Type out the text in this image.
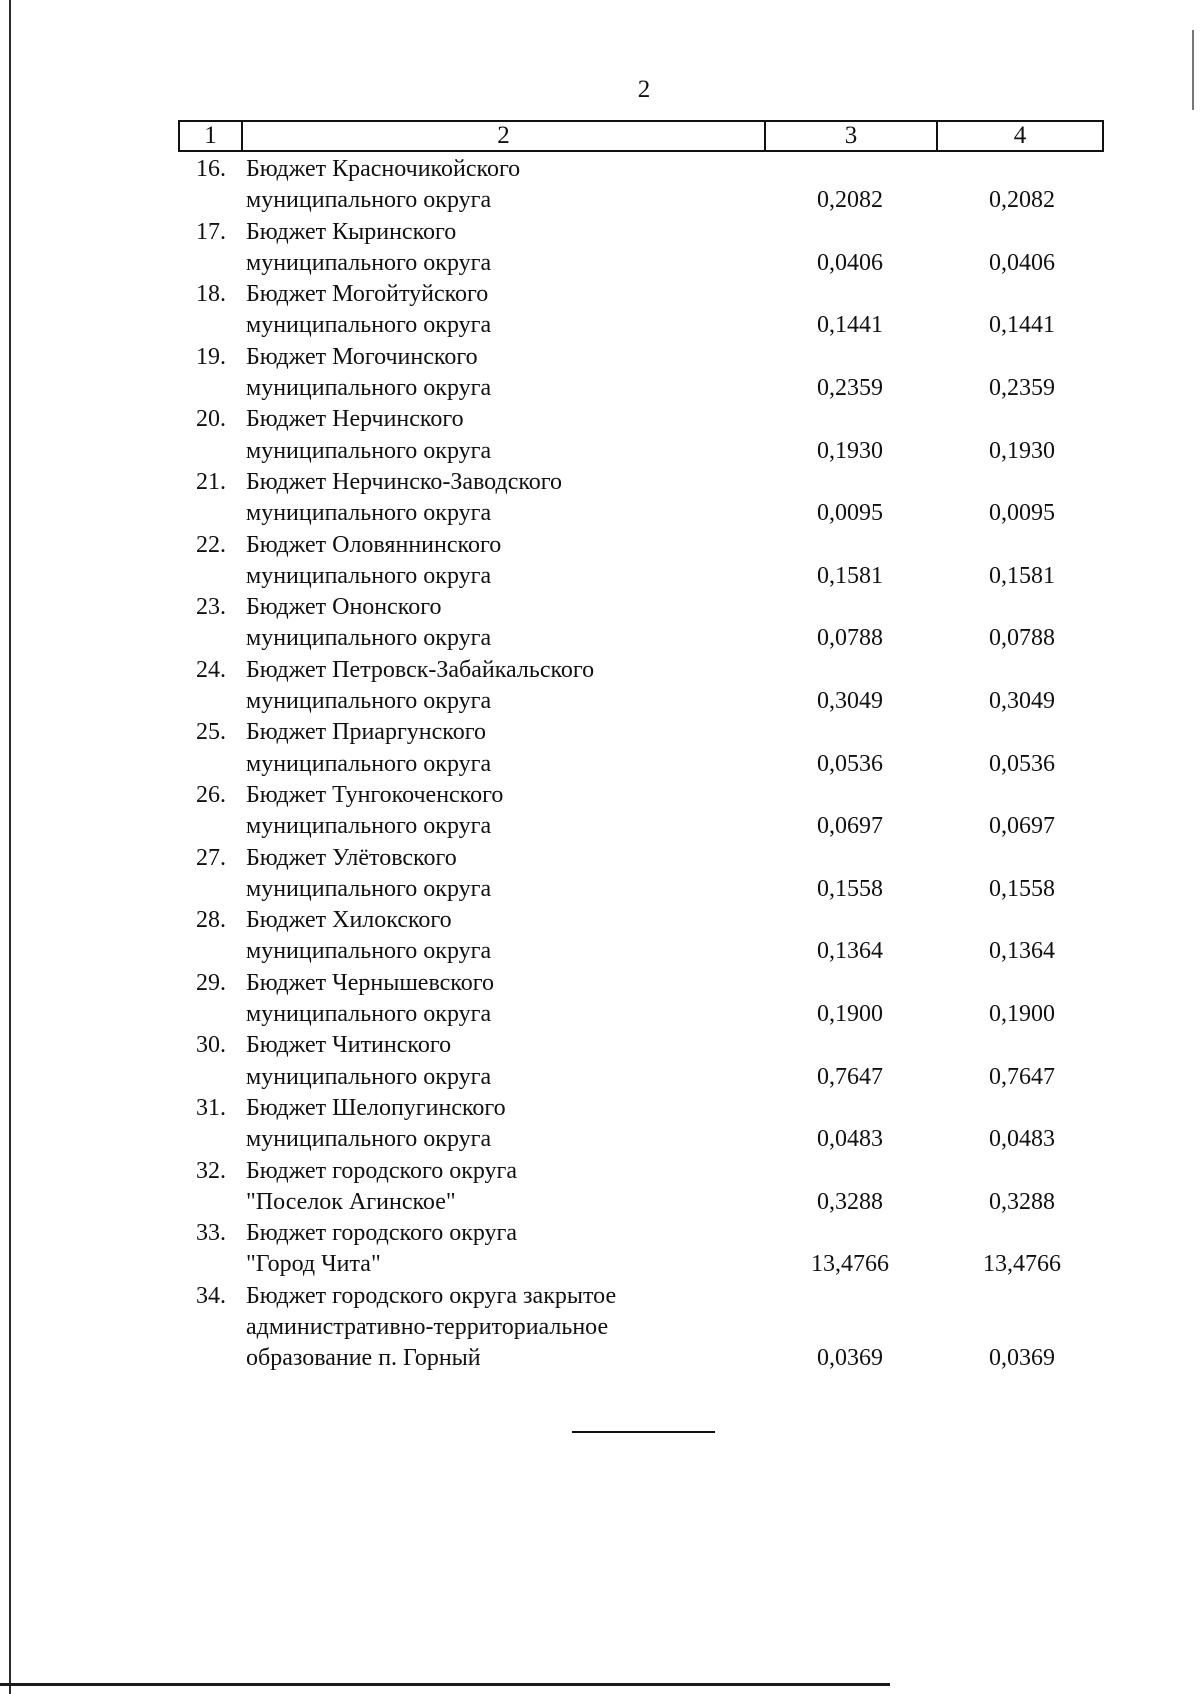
2
1	2	3	4
16. Бюджет Красночикойского
муниципального округа	0,2082	0,2082
17. Бюджет Кыринского
муниципального округа	0,0406	0,0406
18. Бюджет Могойтуйского
муниципального округа	0,1441	0,1441
19. Бюджет Могочинского
муниципального округа	0,2359	0,2359
20. Бюджет Нерчинского
муниципального округа	0,1930	0,1930
21. Бюджет Нерчинско-Заводского
муниципального округа	0,0095	0,0095
22. Бюджет Оловяннинского
муниципального округа	0,1581	0,1581
23. Бюджет Ононского
муниципального округа	0,0788	0,0788
24. Бюджет Петровск-Забайкальского
муниципального округа	0,3049	0,3049
25. Бюджет Приаргунского
муниципального округа	0,0536	0,0536
26. Бюджет Тунгокоченского
муниципального округа	0,0697	0,0697
27. Бюджет Улётовского
муниципального округа	0,1558	0,1558
28. Бюджет Хилокского
муниципального округа	0,1364	0,1364
29. Бюджет Чернышевского
муниципального округа	0,1900	0,1900
30. Бюджет Читинского
муниципального округа	0,7647	0,7647
31. Бюджет Шелопугинского
муниципального округа	0,0483	0,0483
32. Бюджет городского округа
"Поселок Агинское"	0,3288	0,3288
33. Бюджет городского округа
"Город Чита"	13,4766	13,4766
34. Бюджет городского округа закрытое
административно-территориальное
образование п. Горный	0,0369	0,0369
